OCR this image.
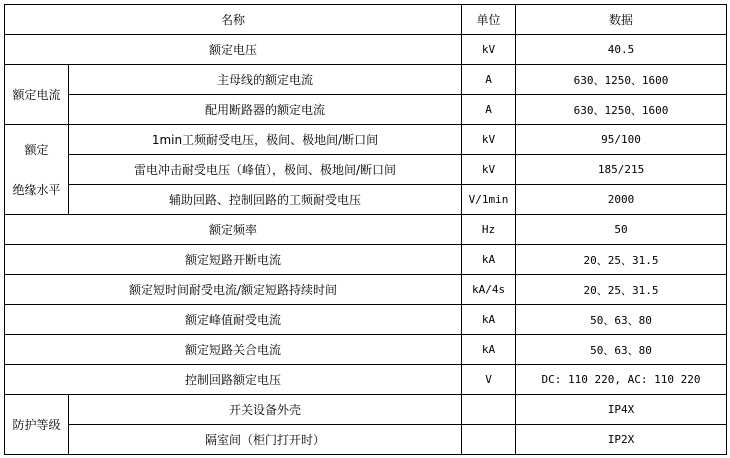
名称		单位	数据
额定电压		kV	40.5
额定电流	主母线的额定电流	A	630、1250、1600
	配用断路器的额定电流	A	630、1250、1600

额定
绝缘水平	1min工频耐受电压，极间、极地间/断口间	kV	95/100
	雷电冲击耐受电压（峰值），极间、极地间/断口间	kV	185/215
	辅助回路、控制回路的工频耐受电压	V/1min	2000
额定频率		Hz	50
额定短路开断电流		kA	20、25、31.5
额定短时间耐受电流/额定短路持续时间		kA/4s	20、25、31.5
额定峰值耐受电流		kA	50、63、80
额定短路关合电流		kA	50、63、80
控制回路额定电压		V	DC: 110 220, AC: 110 220
防护等级	开关设备外壳		IP4X
	隔室间（柜门打开时）		IP2X
